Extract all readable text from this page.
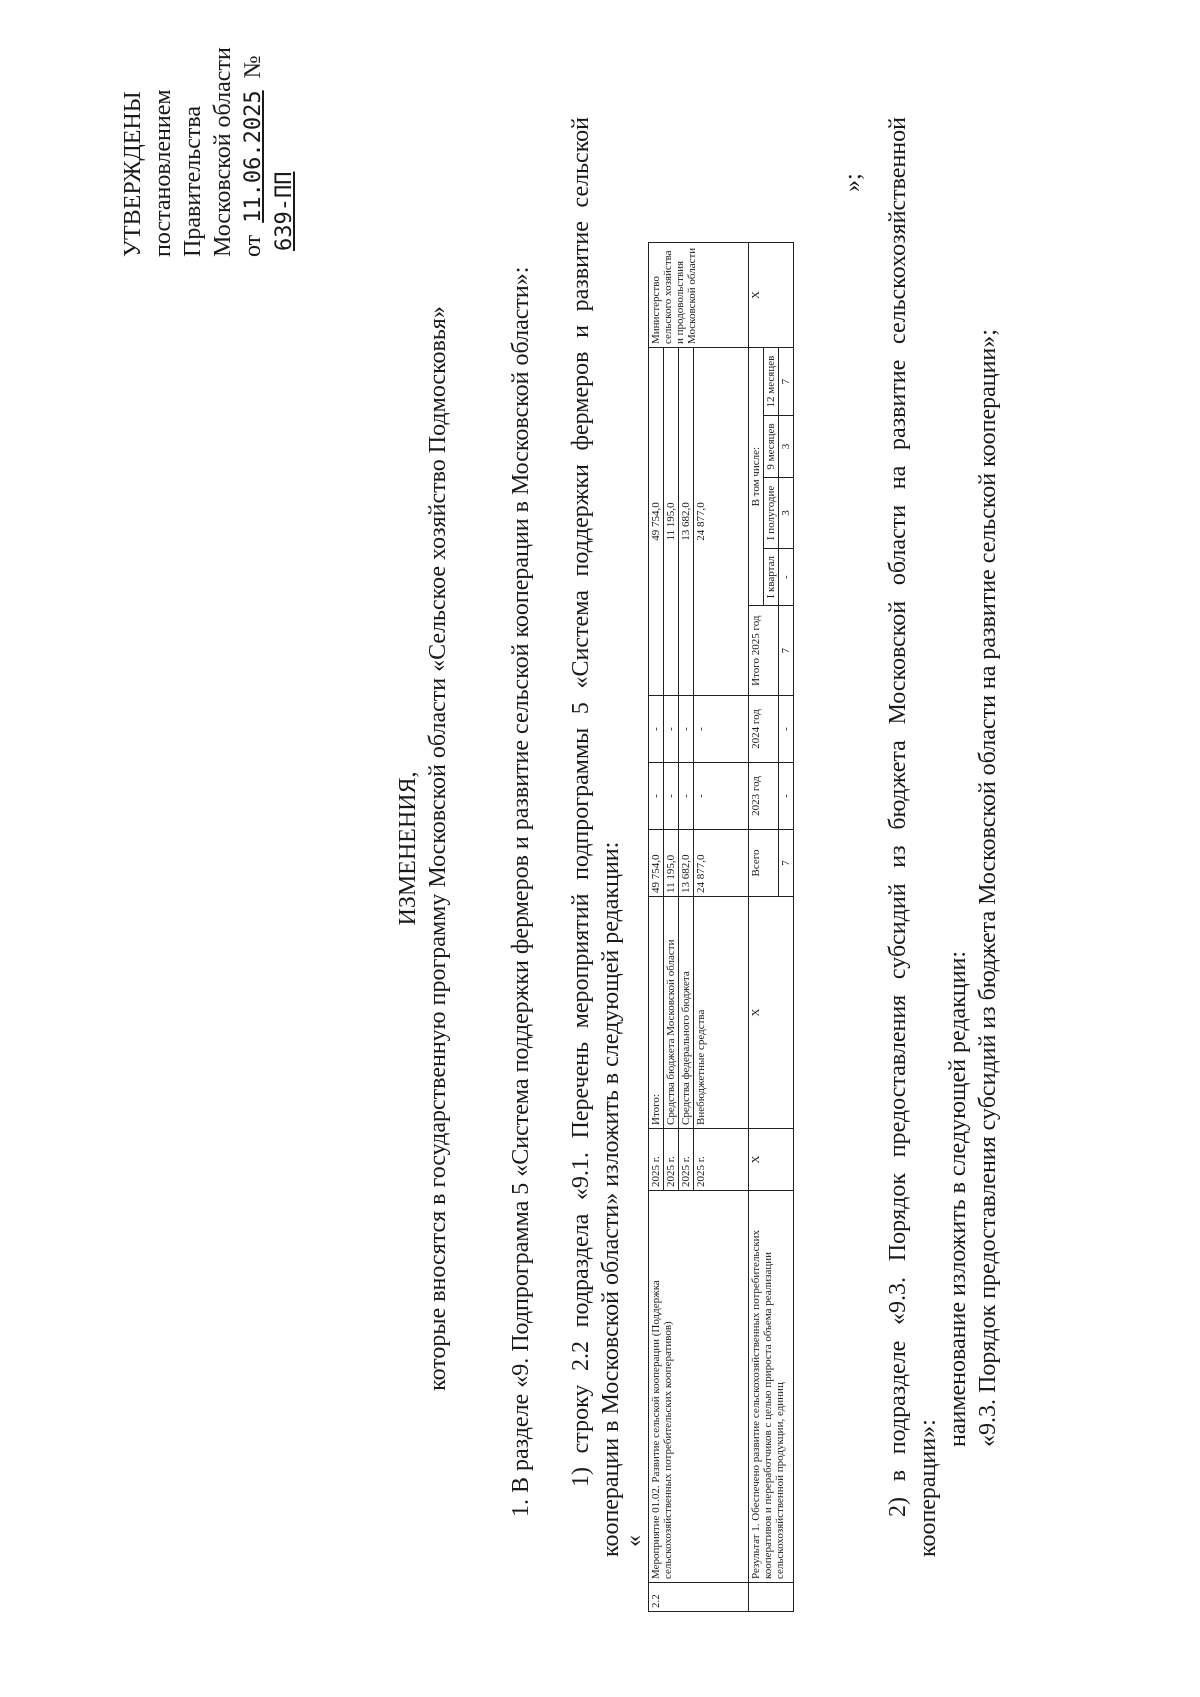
УТВЕРЖДЕНЫ постановлением Правительства Московской области от 11.06.2025 № 639-ПП
ИЗМЕНЕНИЯ, которые вносятся в государственную программу Московской области «Сельское хозяйство Подмосковья» 1. В разделе «9. Подпрограмма 5 «Система поддержки фермеров и развитие сельской кооперации в Московской области»: 1) строку 2.2 подраздела «9.1. Перечень мероприятий подпрограммы 5 «Система поддержки фермеров и развитие сельской кооперации в Московской области» изложить в следующей редакции:
«
2.2	Мероприятие 01.02. Развитие сельской кооперации (Поддержка сельскохозяйственных потребительских кооперативов)	2025 г.	Итого:	49 754,0	-	-	49 754,0					Министерство сельского хозяйства и продовольствия Московской области
		2025 г.	Средства бюджета Московской области	11 195,0	-	-	11 195,0					
		2025 г.	Средства федерального бюджета	13 682,0	-	-	13 682,0					
		2025 г.	Внебюджетные средства	24 877,0	-	-	24 877,0					
	Результат 1. Обеспечено развитие сельскохозяйственных потребительских кооперативов и переработчиков с целью прироста объема реализации сельскохозяйственной продукции, единиц	X	X	Всего	2023 год	2024 год	Итого 2025 год	В том числе:				X
								I квартал	I полугодие	9 месяцев	12 месяцев	
				7	-	-	7	-	3	3	7	
»; 2) в подразделе «9.3. Порядок предоставления субсидий из бюджета Московской области на развитие сельскохозяйственной кооперации»:
наименование изложить в следующей редакции: «9.3. Порядок предоставления субсидий из бюджета Московской области на развитие сельской кооперации»;
